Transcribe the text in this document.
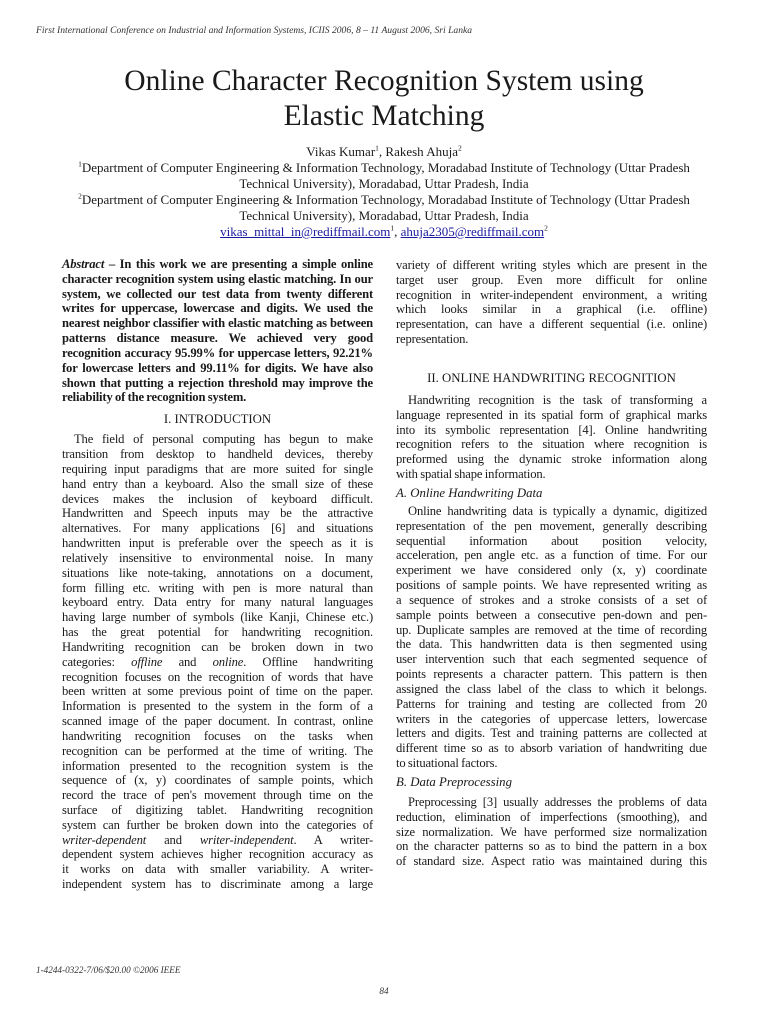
First International Conference on Industrial and Information Systems, ICIIS 2006, 8 – 11 August 2006, Sri Lanka
Online Character Recognition System using
Elastic Matching
Vikas Kumar$^1$, Rakesh Ahuja$^2$
$^1$Department of Computer Engineering & Information Technology, Moradabad Institute of Technology (Uttar Pradesh
Technical University), Moradabad, Uttar Pradesh, India
$^2$Department of Computer Engineering & Information Technology, Moradabad Institute of Technology (Uttar Pradesh
Technical University), Moradabad, Uttar Pradesh, India
vikas_mittal_in@rediffmail.com$^1$, ahuja2305@rediffmail.com$^2$
Abstract – In this work we are presenting a simple online
character recognition system using elastic matching. In our
system, we collected our test data from twenty different
writes for uppercase, lowercase and digits. We used the
nearest neighbor classifier with elastic matching as between
patterns distance measure. We achieved very good
recognition accuracy 95.99% for uppercase letters, 92.21%
for lowercase letters and 99.11% for digits. We have also
shown that putting a rejection threshold may improve the
reliability of the recognition system.
I. INTRODUCTION
The field of personal computing has begun to make
transition from desktop to handheld devices, thereby
requiring input paradigms that are more suited for single
hand entry than a keyboard. Also the small size of these
devices makes the inclusion of keyboard difficult.
Handwritten and Speech inputs may be the attractive
alternatives. For many applications [6] and situations
handwritten input is preferable over the speech as it is
relatively insensitive to environmental noise. In many
situations like note-taking, annotations on a document,
form filling etc. writing with pen is more natural than
keyboard entry. Data entry for many natural languages
having large number of symbols (like Kanji, Chinese etc.)
has the great potential for handwriting recognition.
Handwriting recognition can be broken down in two
categories: offline and online. Offline handwriting
recognition focuses on the recognition of words that have
been written at some previous point of time on the paper.
Information is presented to the system in the form of a
scanned image of the paper document. In contrast, online
handwriting recognition focuses on the tasks when
recognition can be performed at the time of writing. The
information presented to the recognition system is the
sequence of (x, y) coordinates of sample points, which
record the trace of pen's movement through time on the
surface of digitizing tablet. Handwriting recognition
system can further be broken down into the categories of
writer-dependent and writer-independent. A writer-
dependent system achieves higher recognition accuracy as
it works on data with smaller variability. A writer-
independent system has to discriminate among a large
variety of different writing styles which are present in the
target user group. Even more difficult for online
recognition in writer-independent environment, a writing
which looks similar in a graphical (i.e. offline)
representation, can have a different sequential (i.e. online)
representation.
II. ONLINE HANDWRITING RECOGNITION
Handwriting recognition is the task of transforming a
language represented in its spatial form of graphical marks
into its symbolic representation [4]. Online handwriting
recognition refers to the situation where recognition is
preformed using the dynamic stroke information along
with spatial shape information.
A. Online Handwriting Data
Online handwriting data is typically a dynamic, digitized
representation of the pen movement, generally describing
sequential information about position velocity,
acceleration, pen angle etc. as a function of time. For our
experiment we have considered only (x, y) coordinate
positions of sample points. We have represented writing as
a sequence of strokes and a stroke consists of a set of
sample points between a consecutive pen-down and pen-
up. Duplicate samples are removed at the time of recording
the data. This handwritten data is then segmented using
user intervention such that each segmented sequence of
points represents a character pattern. This pattern is then
assigned the class label of the class to which it belongs.
Patterns for training and testing are collected from 20
writers in the categories of uppercase letters, lowercase
letters and digits. Test and training patterns are collected at
different time so as to absorb variation of handwriting due
to situational factors.
B. Data Preprocessing
Preprocessing [3] usually addresses the problems of data
reduction, elimination of imperfections (smoothing), and
size normalization. We have performed size normalization
on the character patterns so as to bind the pattern in a box
of standard size. Aspect ratio was maintained during this
1-4244-0322-7/06/$20.00 ©2006 IEEE
84
